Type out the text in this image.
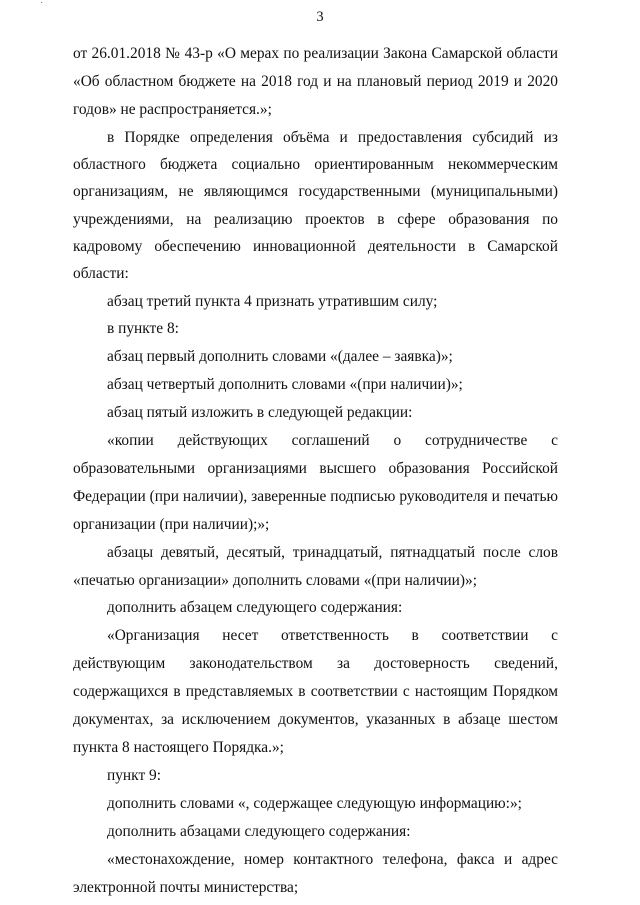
˙
3

от 26.01.2018 № 43-р «О мерах по реализации Закона Самарской области «Об областном бюджете на 2018 год и на плановый период 2019 и 2020 годов» не распространяется.»;

в Порядке определения объёма и предоставления субсидий из областного бюджета социально ориентированным некоммерческим организациям, не являющимся государственными (муниципальными) учреждениями, на реализацию проектов в сфере образования по кадровому обеспечению инновационной деятельности в Самарской области:

абзац третий пункта 4 признать утратившим силу;

в пункте 8:

абзац первый дополнить словами «(далее – заявка)»;

абзац четвертый дополнить словами «(при наличии)»;

абзац пятый изложить в следующей редакции:

«копии действующих соглашений о сотрудничестве с образовательными организациями высшего образования Российской Федерации (при наличии), заверенные подписью руководителя и печатью организации (при наличии);»;

абзацы девятый, десятый, тринадцатый, пятнадцатый после слов «печатью организации» дополнить словами «(при наличии)»;

дополнить абзацем следующего содержания:

«Организация несет ответственность в соответствии с действующим законодательством за достоверность сведений, содержащихся в представляемых в соответствии с настоящим Порядком документах, за исключением документов, указанных в абзаце шестом пункта 8 настоящего Порядка.»;

пункт 9:

дополнить словами «, содержащее следующую информацию:»;

дополнить абзацами следующего содержания:

«местонахождение, номер контактного телефона, факса и адрес электронной почты министерства;
